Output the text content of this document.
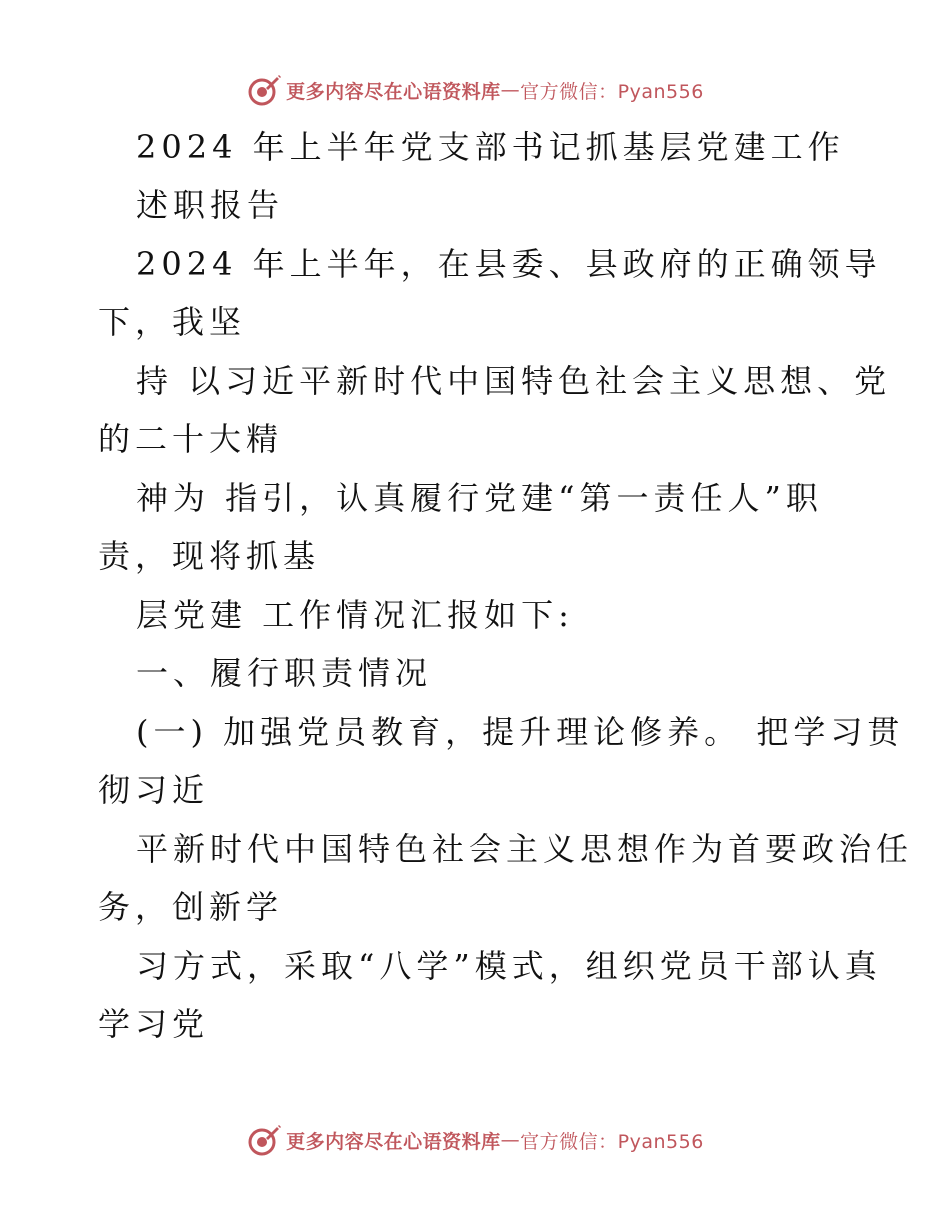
更多内容尽在心语资料库 — 官方微信：Pyan556
2024 年上半年党支部书记抓基层党建工作
述职报告
2024 年上半年，在县委、县政府的正确领导
下，我坚
持 以习近平新时代中国特色社会主义思想、党
的二十大精
神为 指引，认真履行党建“第一责任人”职
责，现将抓基
层党建 工作情况汇报如下:
一、履行职责情况
(一) 加强党员教育，提升理论修养。 把学习贯
彻习近
平新时代中国特色社会主义思想作为首要政治任
务，创新学
习方式，采取“八学”模式，组织党员干部认真
学习党
更多内容尽在心语资料库 — 官方微信：Pyan556
